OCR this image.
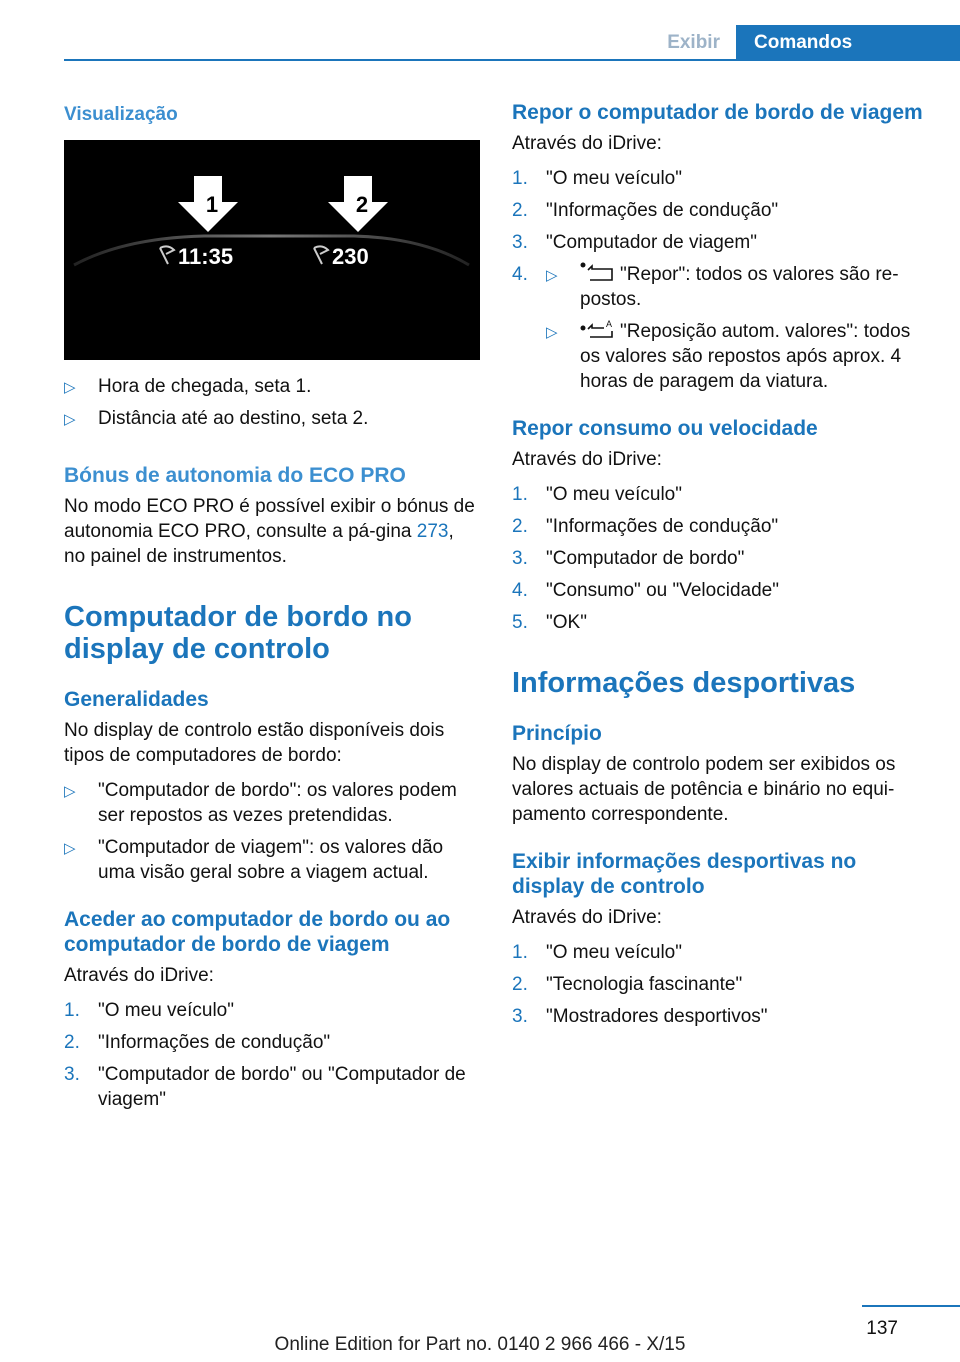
Exibir	Comandos
Visualização
1	2
11:35	230
▷ Hora de chegada, seta 1.
▷ Distância até ao destino, seta 2.
Bónus de autonomia do ECO PRO

No modo ECO PRO é possível exibir o bónus de autonomia ECO PRO, consulte a pá‐gina 273, no painel de instrumentos.

Computador de bordo no display de controlo
Generalidades

No display de controlo estão disponíveis dois tipos de computadores de bordo:

▷ "Computador de bordo": os valores podem ser repostos as vezes pretendidas.
▷ "Computador de viagem": os valores dão uma visão geral sobre a viagem actual.
Aceder ao computador de bordo ou ao computador de bordo de viagem

Através do iDrive:

1. "O meu veículo"
2. "Informações de condução"
3. "Computador de bordo" ou "Computador de viagem"
Repor o computador de bordo de viagem

Através do iDrive:

1. "O meu veículo"
2. "Informações de condução"
3. "Computador de viagem"
4. ▷	"Repor": todos os valores são re‐postos.
▷	A "Reposição autom. valores": todos os valores são repostos após aprox. 4 horas de paragem da viatura.
Repor consumo ou velocidade

Através do iDrive:

1. "O meu veículo"
2. "Informações de condução"
3. "Computador de bordo"
4. "Consumo" ou "Velocidade"
5. "OK"
Informações desportivas
Princípio

No display de controlo podem ser exibidos os valores actuais de potência e binário no equi‐pamento correspondente.

Exibir informações desportivas no display de controlo

Através do iDrive:

1. "O meu veículo"
2. "Tecnologia fascinante"
3. "Mostradores desportivos"
137
Online Edition for Part no. 0140 2 966 466 - X/15
